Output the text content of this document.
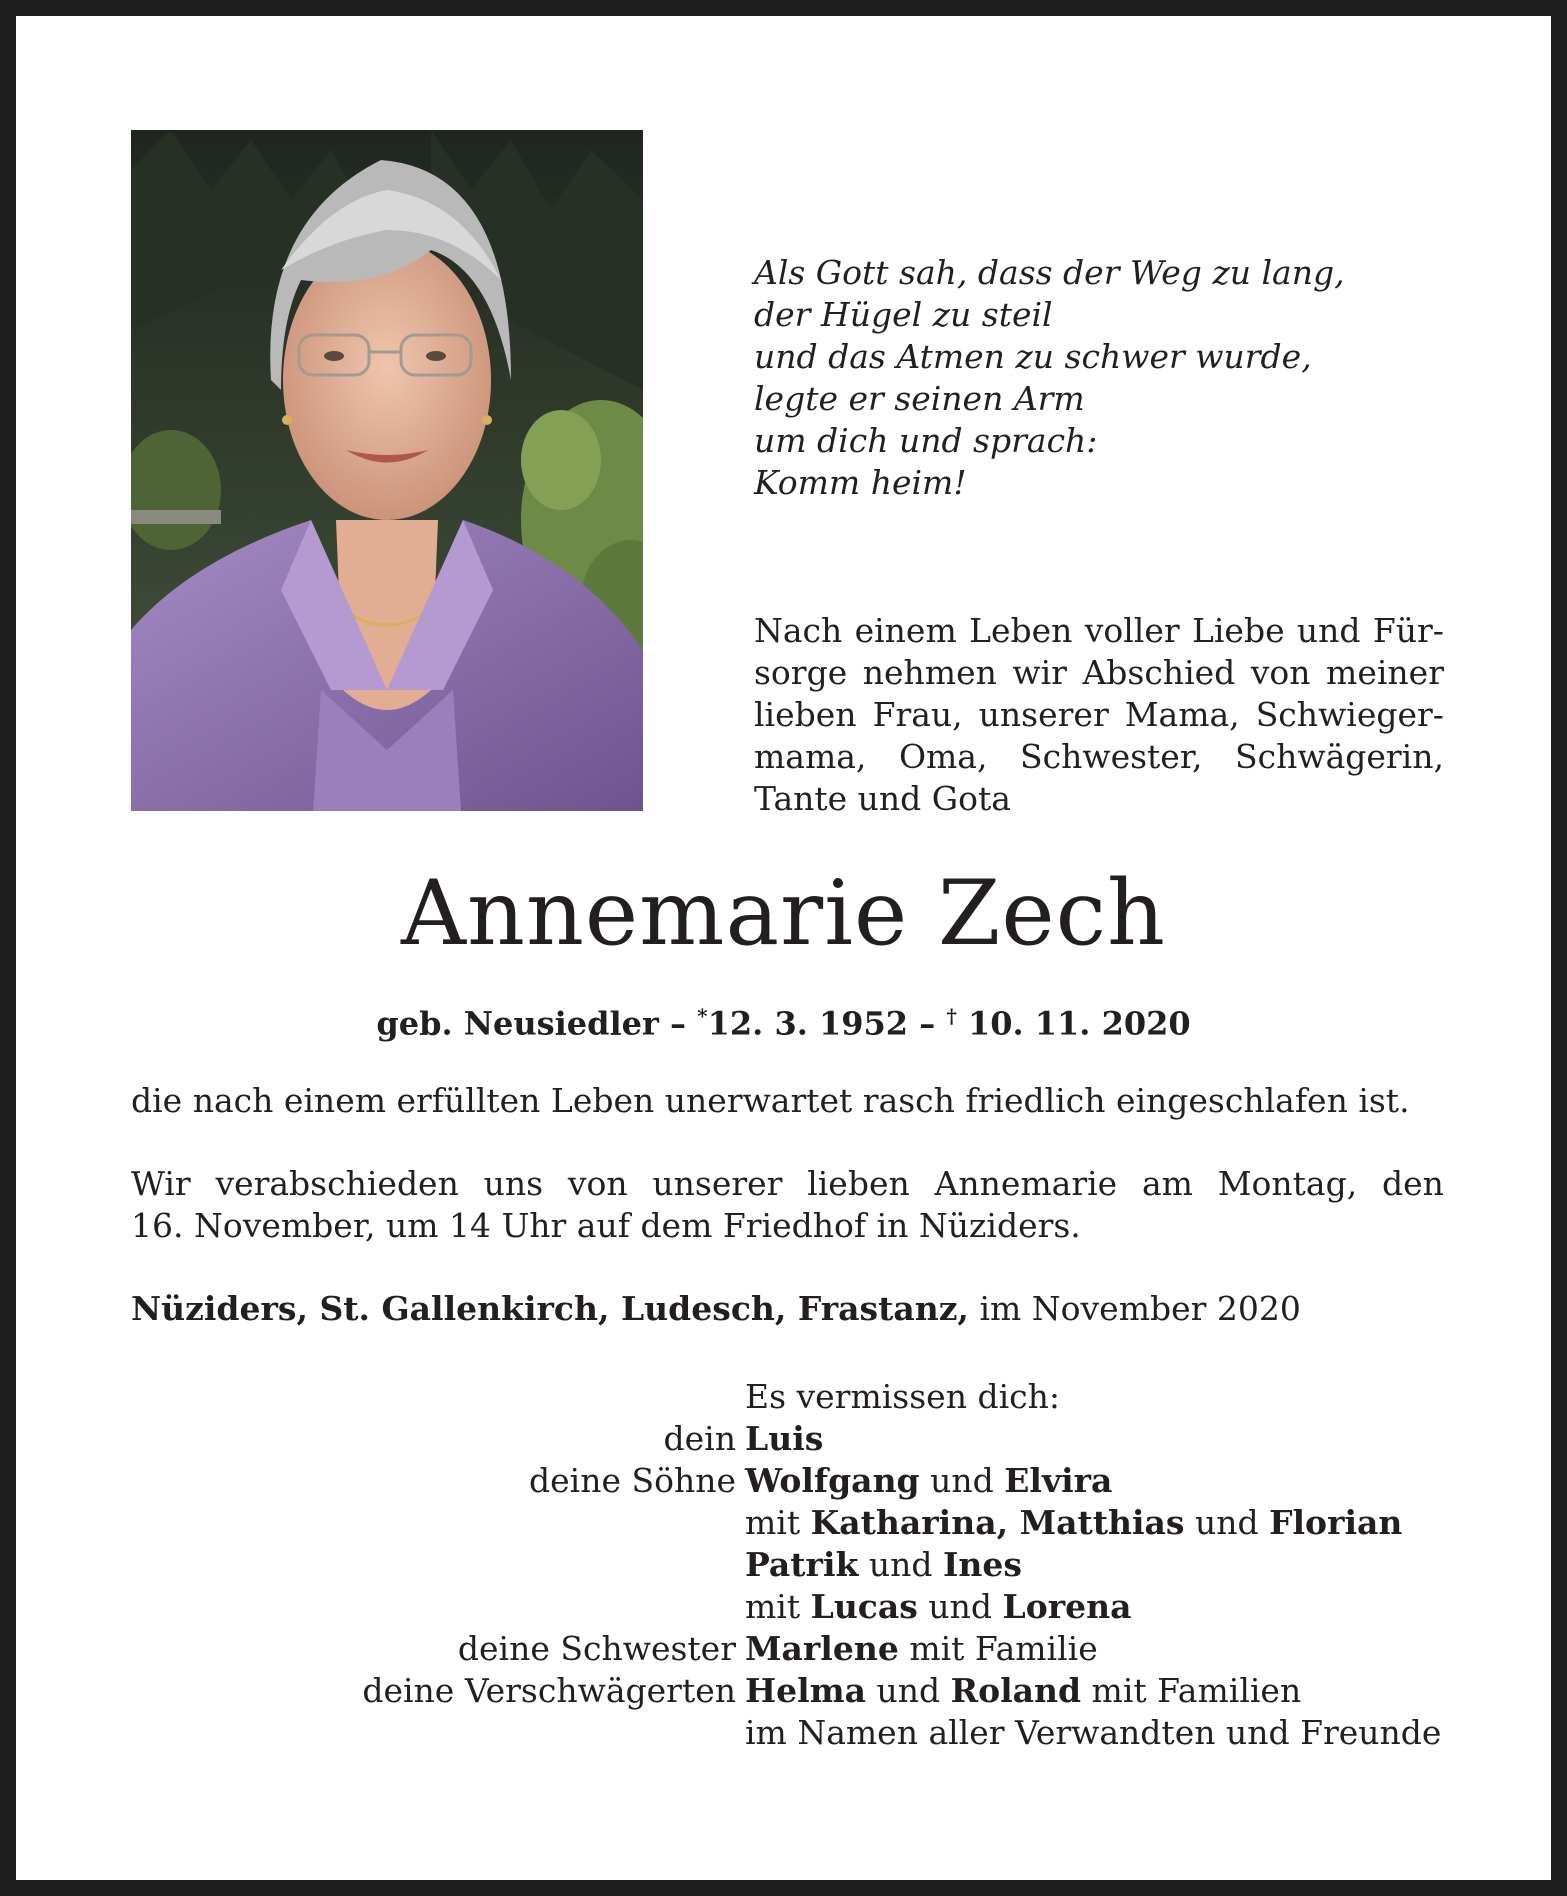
Als Gott sah, dass der Weg zu lang,
der Hügel zu steil
und das Atmen zu schwer wurde,
legte er seinen Arm
um dich und sprach:
Komm heim!
Nach einem Leben voller Liebe und Für-
sorge nehmen wir Abschied von meiner
lieben Frau, unserer Mama, Schwieger-
mama, Oma, Schwester, Schwägerin,
Tante und Gota
Annemarie Zech
geb. Neusiedler – *12. 3. 1952 – † 10. 11. 2020
die nach einem erfüllten Leben unerwartet rasch friedlich eingeschlafen ist.
Wir verabschieden uns von unserer lieben Annemarie am Montag, den
16. November, um 14 Uhr auf dem Friedhof in Nüziders.
Nüziders, St. Gallenkirch, Ludesch, Frastanz, im November 2020
Es vermissen dich:
dein Luis
deine Söhne Wolfgang und Elvira
mit Katharina, Matthias und Florian
Patrik und Ines
mit Lucas und Lorena
deine Schwester Marlene mit Familie
deine Verschwägerten Helma und Roland mit Familien
im Namen aller Verwandten und Freunde
